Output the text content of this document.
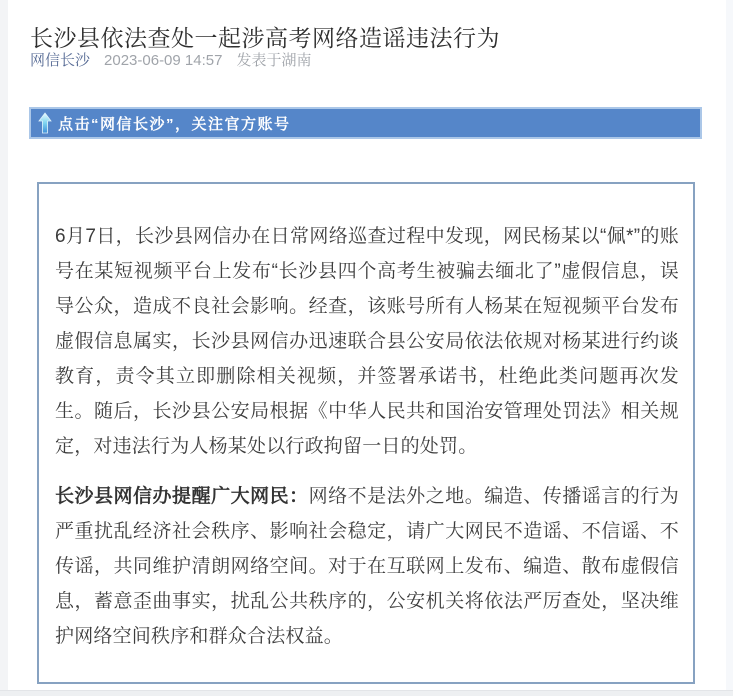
长沙县依法查处一起涉高考网络造谣违法行为
网信长沙 2023-06-09 14:57 发表于湖南
点击“网信长沙”，关注官方账号

6月7日，长沙县网信办在日常网络巡查过程中发现，网民杨某以“佩*”的账号在某短视频平台上发布“长沙县四个高考生被骗去缅北了”虚假信息，误导公众，造成不良社会影响。经查，该账号所有人杨某在短视频平台发布虚假信息属实，长沙县网信办迅速联合县公安局依法依规对杨某进行约谈教育，责令其立即删除相关视频，并签署承诺书，杜绝此类问题再次发生。随后，长沙县公安局根据《中华人民共和国治安管理处罚法》相关规定，对违法行为人杨某处以行政拘留一日的处罚。

长沙县网信办提醒广大网民：网络不是法外之地。编造、传播谣言的行为严重扰乱经济社会秩序、影响社会稳定，请广大网民不造谣、不信谣、不传谣，共同维护清朗网络空间。对于在互联网上发布、编造、散布虚假信息，蓄意歪曲事实，扰乱公共秩序的，公安机关将依法严厉查处，坚决维护网络空间秩序和群众合法权益。
